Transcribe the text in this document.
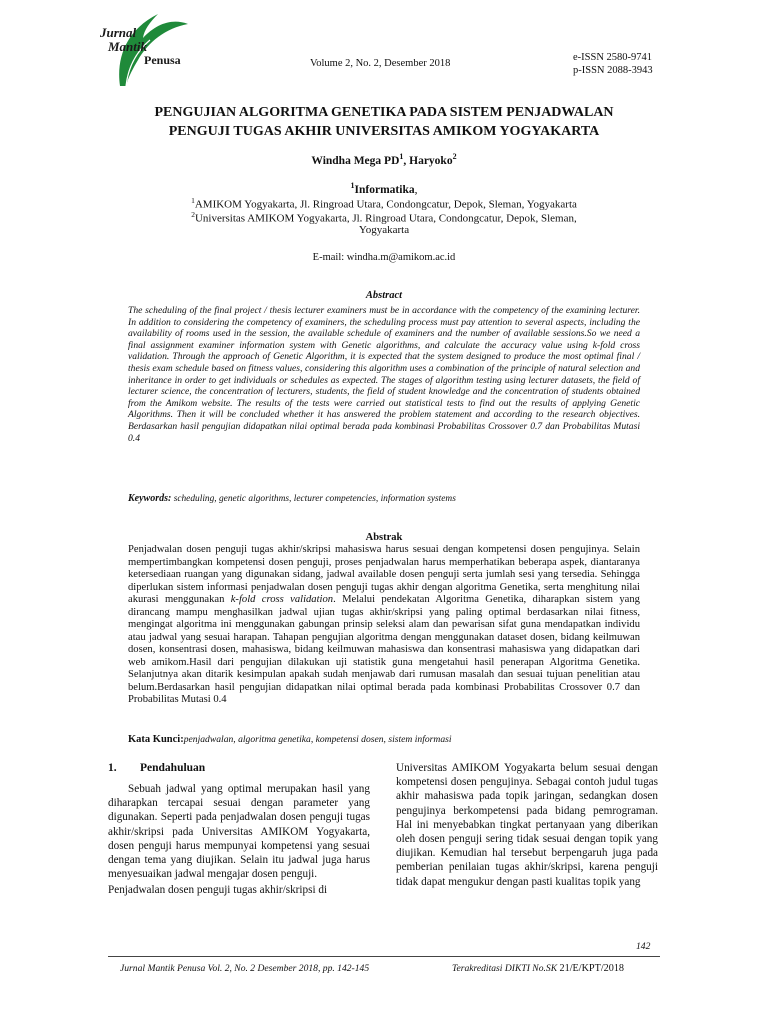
Jurnal
Mantik
Penusa	Volume 2, No. 2, Desember 2018
e-ISSN 2580-9741
p-ISSN 2088-3943
PENGUJIAN ALGORITMA GENETIKA PADA SISTEM PENJADWALAN
PENGUJI TUGAS AKHIR UNIVERSITAS AMIKOM YOGYAKARTA
Windha Mega $PD^1$, Haryoko$^2$
$^1$Informatika,
$^1$AMIKOM Yogyakarta, Jl. Ringroad Utara, Condongcatur, Depok, Sleman, Yogyakarta
$^2$Universitas AMIKOM Yogyakarta, Jl. Ringroad Utara, Condongcatur, Depok, Sleman,
Yogyakarta
E-mail: windha.m@amikom.ac.id
Abstract
The scheduling of the final project / thesis lecturer examiners must be in accordance with the competency of the examining lecturer. In addition to considering the competency of examiners, the scheduling process must pay attention to several aspects, including the availability of rooms used in the session, the available schedule of examiners and the number of available sessions.So we need a final assignment examiner information system with Genetic algorithms, and calculate the accuracy value using k-fold cross validation. Through the approach of Genetic Algorithm, it is expected that the system designed to produce the most optimal final / thesis exam schedule based on fitness values, considering this algorithm uses a combination of the principle of natural selection and inheritance in order to get individuals or schedules as expected. The stages of algorithm testing using lecturer datasets, the field of lecturer science, the concentration of lecturers, students, the field of student knowledge and the concentration of students obtained from the Amikom website. The results of the tests were carried out statistical tests to find out the results of applying Genetic Algorithms. Then it will be concluded whether it has answered the problem statement and according to the research objectives. Berdasarkan hasil pengujian didapatkan nilai optimal berada pada kombinasi Probabilitas Crossover 0.7 dan Probabilitas Mutasi 0.4
Keywords: scheduling, genetic algorithms, lecturer competencies, information systems
Abstrak
Penjadwalan dosen penguji tugas akhir/skripsi mahasiswa harus sesuai dengan kompetensi dosen pengujinya. Selain mempertimbangkan kompetensi dosen penguji, proses penjadwalan harus memperhatikan beberapa aspek, diantaranya ketersediaan ruangan yang digunakan sidang, jadwal available dosen penguji serta jumlah sesi yang tersedia. Sehingga diperlukan sistem informasi penjadwalan dosen penguji tugas akhir dengan algoritma Genetika, serta menghitung nilai akurasi menggunakan k-fold cross validation. Melalui pendekatan Algoritma Genetika, diharapkan sistem yang dirancang mampu menghasilkan jadwal ujian tugas akhir/skripsi yang paling optimal berdasarkan nilai fitness, mengingat algoritma ini menggunakan gabungan prinsip seleksi alam dan pewarisan sifat guna mendapatkan individu atau jadwal yang sesuai harapan. Tahapan pengujian algoritma dengan menggunakan dataset dosen, bidang keilmuwan dosen, konsentrasi dosen, mahasiswa, bidang keilmuwan mahasiswa dan konsentrasi mahasiswa yang didapatkan dari web amikom.Hasil dari pengujian dilakukan uji statistik guna mengetahui hasil penerapan Algoritma Genetika. Selanjutnya akan ditarik kesimpulan apakah sudah menjawab dari rumusan masalah dan sesuai tujuan penelitian atau belum.Berdasarkan hasil pengujian didapatkan nilai optimal berada pada kombinasi Probabilitas Crossover 0.7 dan Probabilitas Mutasi 0.4
Kata Kunci:penjadwalan, algoritma genetika, kompetensi dosen, sistem informasi
1. Pendahuluan

Sebuah jadwal yang optimal merupakan hasil yang diharapkan tercapai sesuai dengan parameter yang digunakan. Seperti pada penjadwalan dosen penguji tugas akhir/skripsi pada Universitas AMIKOM Yogyakarta, dosen penguji harus mempunyai kompetensi yang sesuai dengan tema yang diujikan. Selain itu jadwal juga harus menyesuaikan jadwal mengajar dosen penguji.

Penjadwalan dosen penguji tugas akhir/skripsi di

Universitas AMIKOM Yogyakarta belum sesuai dengan kompetensi dosen pengujinya. Sebagai contoh judul tugas akhir mahasiswa pada topik jaringan, sedangkan dosen pengujinya berkompetensi pada bidang pemrograman. Hal ini menyebabkan tingkat pertanyaan yang diberikan oleh dosen penguji sering tidak sesuai dengan topik yang diujikan. Kemudian hal tersebut berpengaruh juga pada pemberian penilaian tugas akhir/skripsi, karena penguji tidak dapat mengukur dengan pasti kualitas topik yang
142
Jurnal Mantik Penusa Vol. 2, No. 2 Desember 2018, pp. 142-145	Terakreditasi DIKTI No.SK 21/E/KPT/2018
